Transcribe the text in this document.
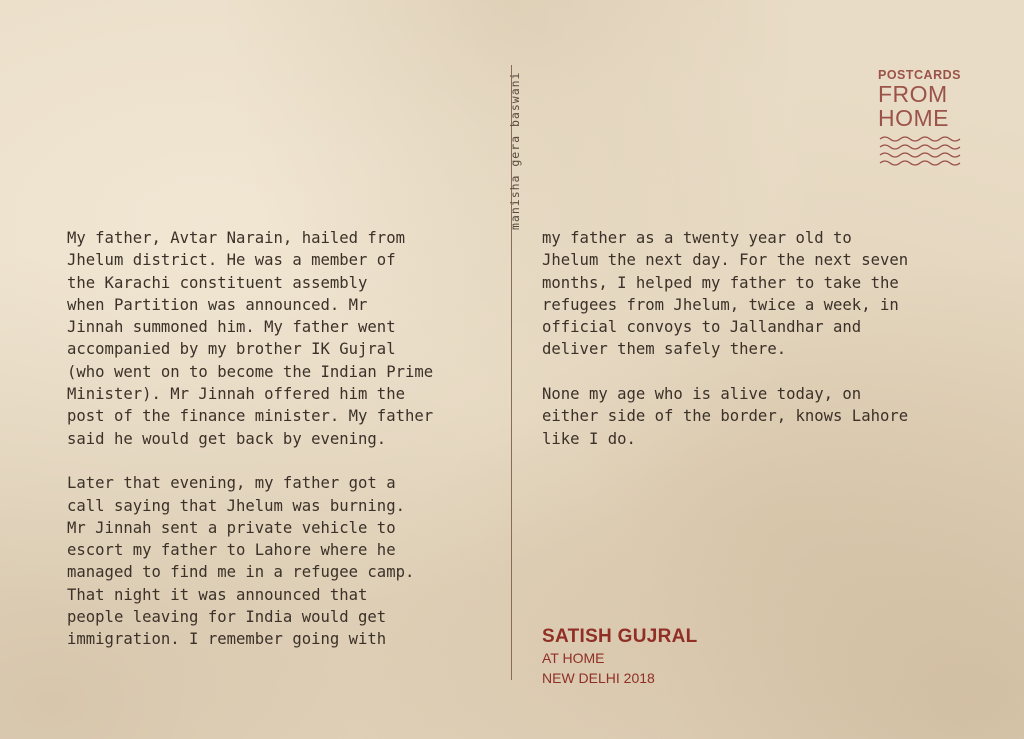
POSTCARDS
FROM
HOME
manisha gera baswani
My father, Avtar Narain, hailed from
Jhelum district. He was a member of
the Karachi constituent assembly
when Partition was announced. Mr
Jinnah summoned him. My father went
accompanied by my brother IK Gujral
(who went on to become the Indian Prime
Minister). Mr Jinnah offered him the
post of the finance minister. My father
said he would get back by evening.

Later that evening, my father got a
call saying that Jhelum was burning.
Mr Jinnah sent a private vehicle to
escort my father to Lahore where he
managed to find me in a refugee camp.
That night it was announced that
people leaving for India would get
immigration. I remember going with
my father as a twenty year old to
Jhelum the next day. For the next seven
months, I helped my father to take the
refugees from Jhelum, twice a week, in
official convoys to Jallandhar and
deliver them safely there.

None my age who is alive today, on
either side of the border, knows Lahore
like I do.
SATISH GUJRAL
AT HOME
NEW DELHI 2018
